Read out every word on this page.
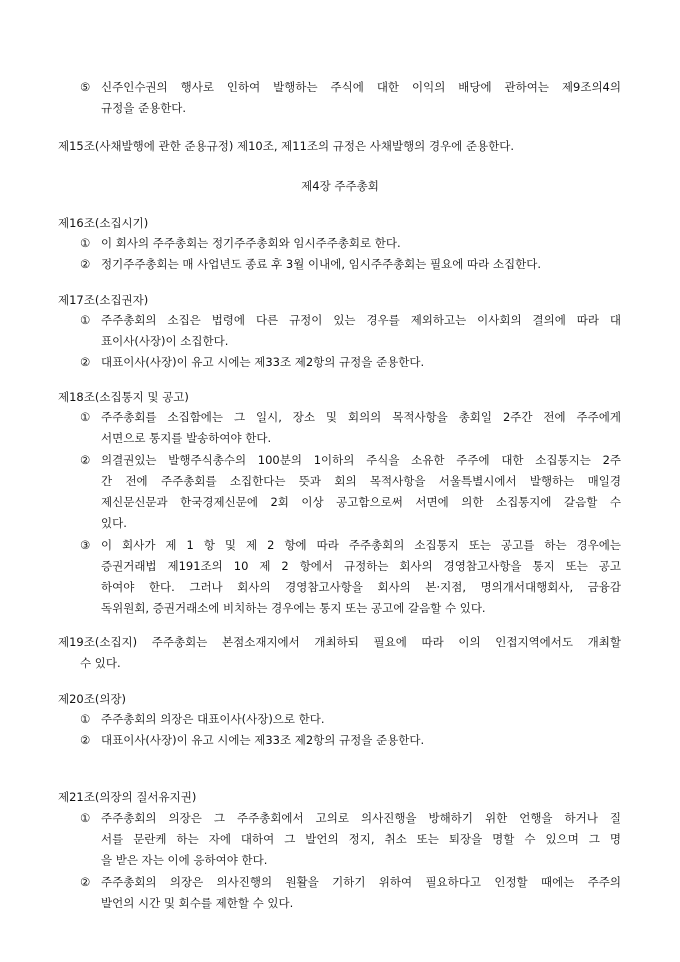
⑤ 신주인수권의 행사로 인하여 발행하는 주식에 대한 이익의 배당에 관하여는 제9조의4의
규정을 준용한다.
제15조(사채발행에 관한 준용규정) 제10조, 제11조의 규정은 사채발행의 경우에 준용한다.
제4장 주주총회
제16조(소집시기)
① 이 회사의 주주총회는 정기주주총회와 임시주주총회로 한다.
② 정기주주총회는 매 사업년도 종료 후 3월 이내에, 임시주주총회는 필요에 따라 소집한다.
제17조(소집권자)
① 주주총회의 소집은 법령에 다른 규정이 있는 경우를 제외하고는 이사회의 결의에 따라 대
표이사(사장)이 소집한다.
② 대표이사(사장)이 유고 시에는 제33조 제2항의 규정을 준용한다.
제18조(소집통지 및 공고)
① 주주총회를 소집함에는 그 일시, 장소 및 회의의 목적사항을 총회일 2주간 전에 주주에게
서면으로 통지를 발송하여야 한다.
② 의결권있는 발행주식총수의 100분의 1이하의 주식을 소유한 주주에 대한 소집통지는 2주
간 전에 주주총회를 소집한다는 뜻과 회의 목적사항을 서울특별시에서 발행하는 매일경
제신문신문과 한국경제신문에 2회 이상 공고함으로써 서면에 의한 소집통지에 갈음할 수
있다.
③ 이 회사가 제 1 항 및 제 2 항에 따라 주주총회의 소집통지 또는 공고를 하는 경우에는
증권거래법 제191조의 10 제 2 항에서 규정하는 회사의 경영참고사항을 통지 또는 공고
하여야 한다. 그러나 회사의 경영참고사항을 회사의 본·지점, 명의개서대행회사, 금융감
독위원회, 증권거래소에 비치하는 경우에는 통지 또는 공고에 갈음할 수 있다.
제19조(소집지) 주주총회는 본점소재지에서 개최하되 필요에 따라 이의 인접지역에서도 개최할
수 있다.
제20조(의장)
① 주주총회의 의장은 대표이사(사장)으로 한다.
② 대표이사(사장)이 유고 시에는 제33조 제2항의 규정을 준용한다.
제21조(의장의 질서유지권)
① 주주총회의 의장은 그 주주총회에서 고의로 의사진행을 방해하기 위한 언행을 하거나 질
서를 문란케 하는 자에 대하여 그 발언의 정지, 취소 또는 퇴장을 명할 수 있으며 그 명
을 받은 자는 이에 응하여야 한다.
② 주주총회의 의장은 의사진행의 원활을 기하기 위하여 필요하다고 인정할 때에는 주주의
발언의 시간 및 회수를 제한할 수 있다.
